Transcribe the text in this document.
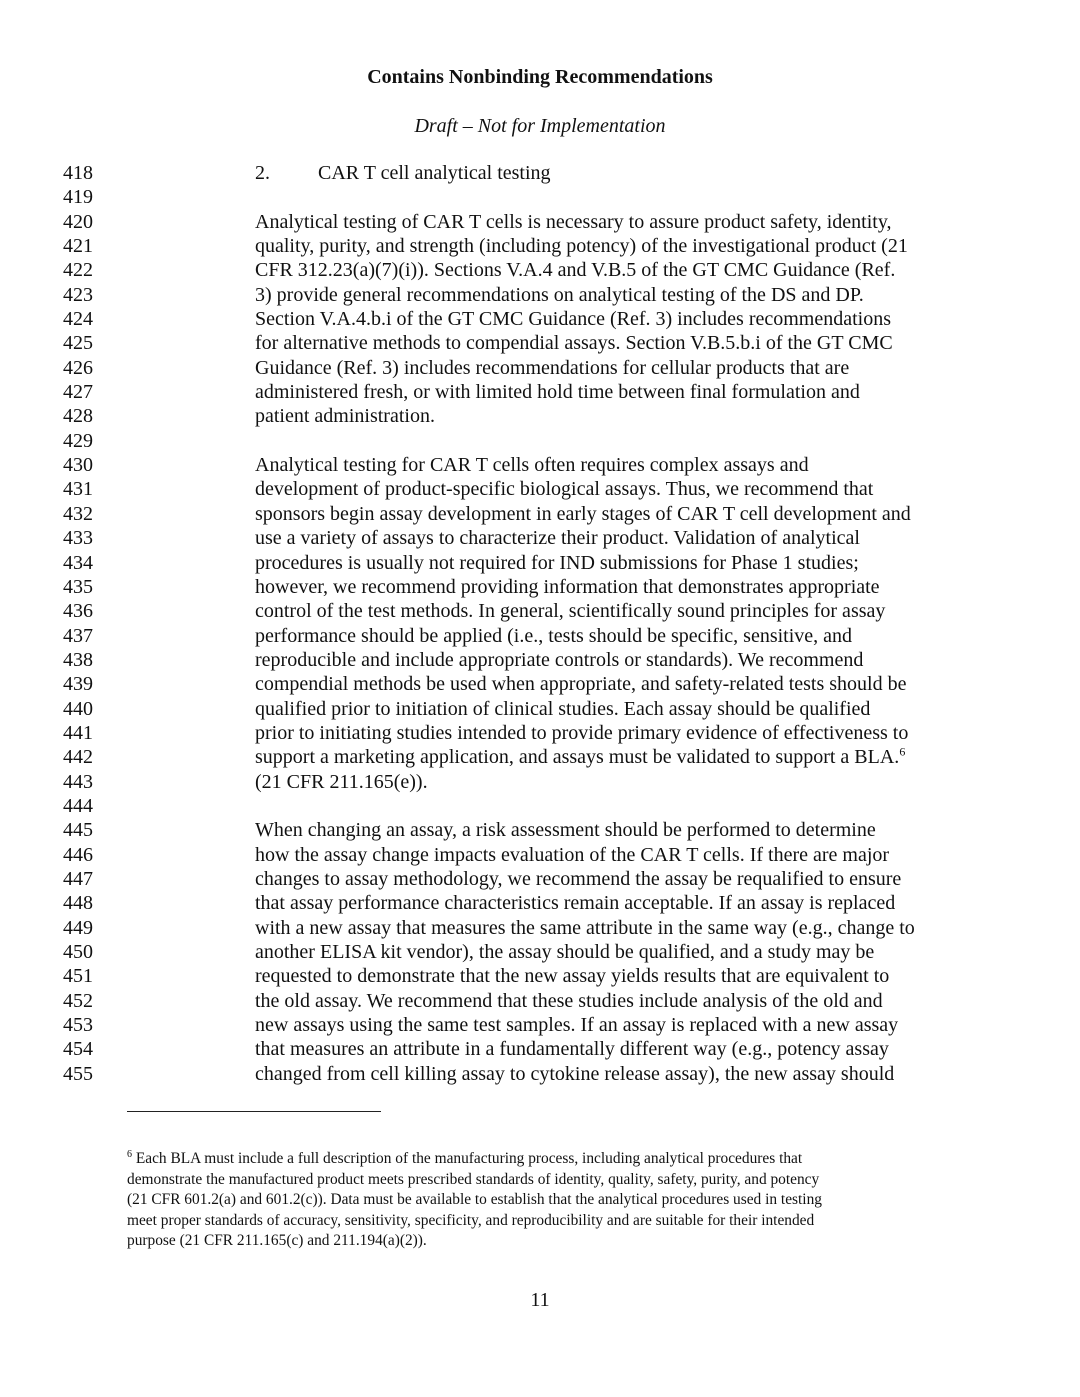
Contains Nonbinding Recommendations
Draft – Not for Implementation
418	2. CAR T cell analytical testing
419
420	Analytical testing of CAR T cells is necessary to assure product safety, identity,
421	quality, purity, and strength (including potency) of the investigational product (21
422	CFR 312.23(a)(7)(i)). Sections V.A.4 and V.B.5 of the GT CMC Guidance (Ref.
423	3) provide general recommendations on analytical testing of the DS and DP.
424	Section V.A.4.b.i of the GT CMC Guidance (Ref. 3) includes recommendations
425	for alternative methods to compendial assays. Section V.B.5.b.i of the GT CMC
426	Guidance (Ref. 3) includes recommendations for cellular products that are
427	administered fresh, or with limited hold time between final formulation and
428	patient administration.
429
430	Analytical testing for CAR T cells often requires complex assays and
431	development of product-specific biological assays. Thus, we recommend that
432	sponsors begin assay development in early stages of CAR T cell development and
433	use a variety of assays to characterize their product. Validation of analytical
434	procedures is usually not required for IND submissions for Phase 1 studies;
435	however, we recommend providing information that demonstrates appropriate
436	control of the test methods. In general, scientifically sound principles for assay
437	performance should be applied (i.e., tests should be specific, sensitive, and
438	reproducible and include appropriate controls or standards). We recommend
439	compendial methods be used when appropriate, and safety-related tests should be
440	qualified prior to initiation of clinical studies. Each assay should be qualified
441	prior to initiating studies intended to provide primary evidence of effectiveness to
442	support a marketing application, and assays must be validated to support a BLA.$^6$
443	(21 CFR 211.165(e)).
444
445	When changing an assay, a risk assessment should be performed to determine
446	how the assay change impacts evaluation of the CAR T cells. If there are major
447	changes to assay methodology, we recommend the assay be requalified to ensure
448	that assay performance characteristics remain acceptable. If an assay is replaced
449	with a new assay that measures the same attribute in the same way (e.g., change to
450	another ELISA kit vendor), the assay should be qualified, and a study may be
451	requested to demonstrate that the new assay yields results that are equivalent to
452	the old assay. We recommend that these studies include analysis of the old and
453	new assays using the same test samples. If an assay is replaced with a new assay
454	that measures an attribute in a fundamentally different way (e.g., potency assay
455	changed from cell killing assay to cytokine release assay), the new assay should
$^6$ Each BLA must include a full description of the manufacturing process, including analytical procedures that
demonstrate the manufactured product meets prescribed standards of identity, quality, safety, purity, and potency
(21 CFR 601.2(a) and 601.2(c)). Data must be available to establish that the analytical procedures used in testing
meet proper standards of accuracy, sensitivity, specificity, and reproducibility and are suitable for their intended
purpose (21 CFR 211.165(c) and 211.194(a)(2)).
11
